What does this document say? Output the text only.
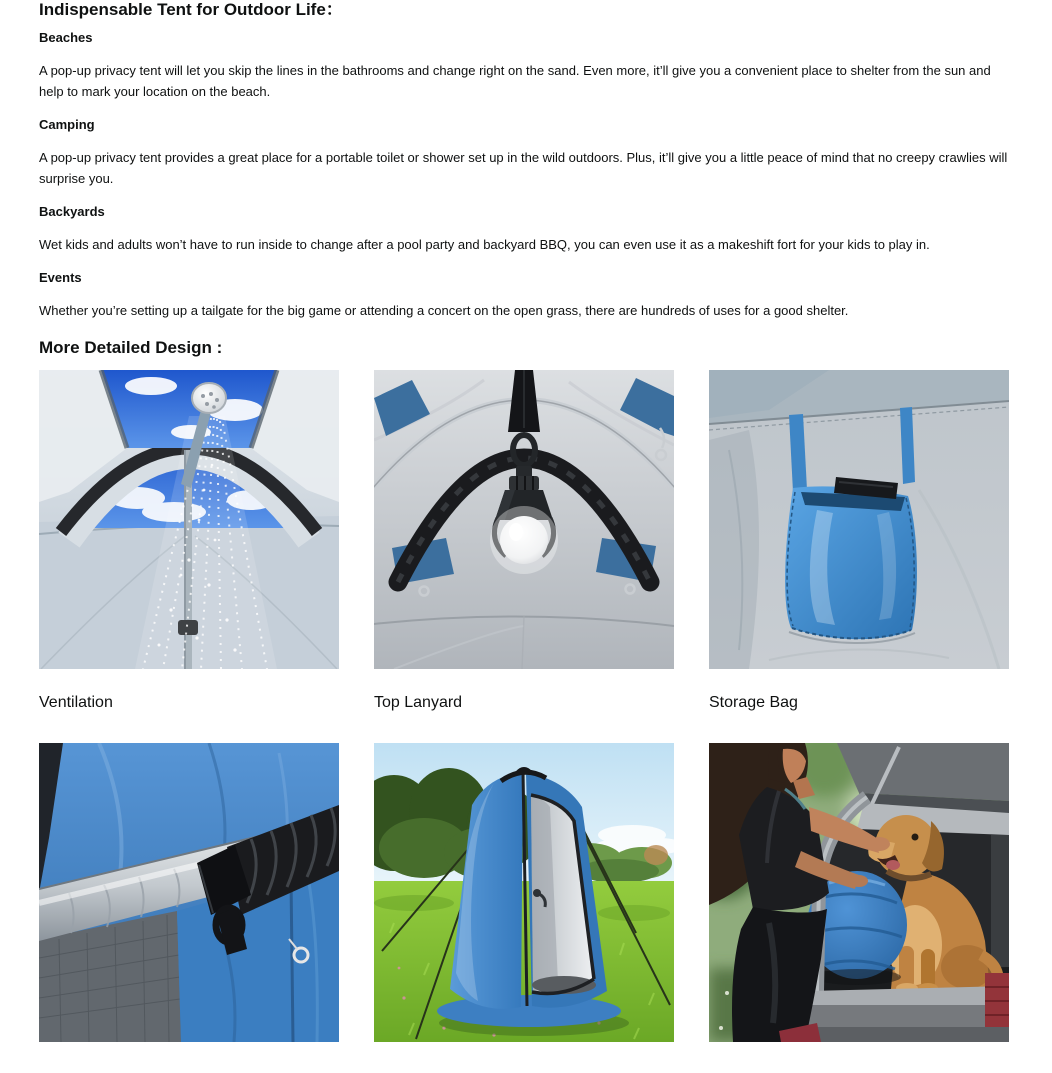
Indispensable Tent for Outdoor Life：
Beaches

A pop-up privacy tent will let you skip the lines in the bathrooms and change right on the sand. Even more, it’ll give you a convenient place to shelter from the sun and help to mark your location on the beach.

Camping

A pop-up privacy tent provides a great place for a portable toilet or shower set up in the wild outdoors. Plus, it’ll give you a little peace of mind that no creepy crawlies will surprise you.

Backyards

Wet kids and adults won’t have to run inside to change after a pool party and backyard BBQ, you can even use it as a makeshift fort for your kids to play in.

Events

Whether you’re setting up a tailgate for the big game or attending a concert on the open grass, there are hundreds of uses for a good shelter.

More Detailed Design :
Ventilation	Top Lanyard	Storage Bag
